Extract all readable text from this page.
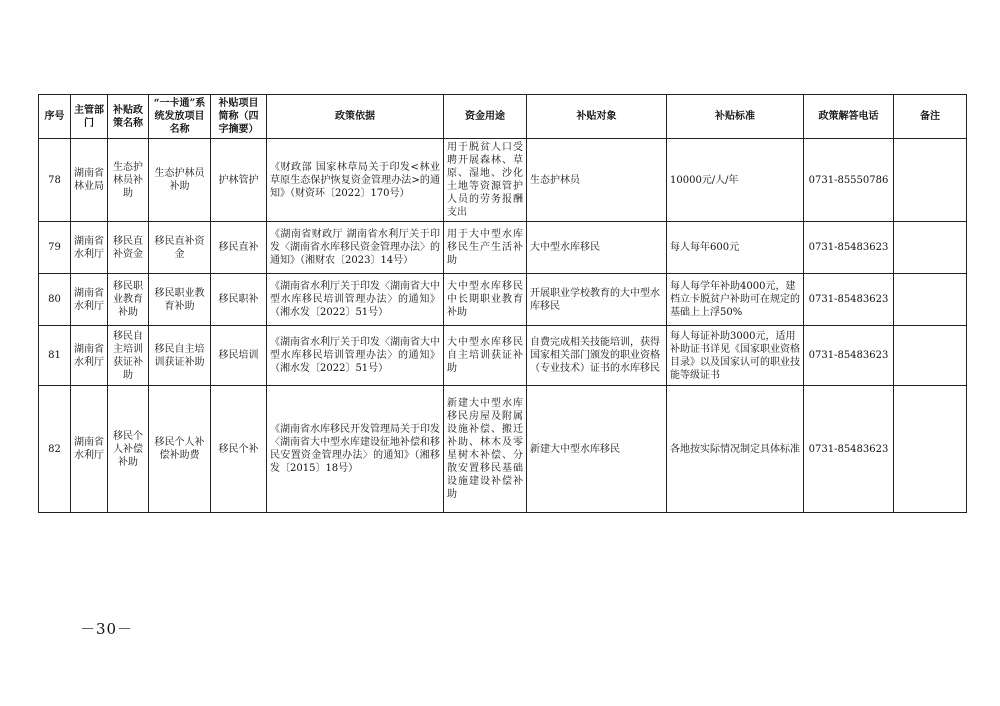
序号	主管部门	补贴政策名称	“一卡通”系统发放项目名称	补贴项目简称（四字摘要）	政策依据	资金用途	补贴对象	补贴标准	政策解答电话	备注
78	湖南省林业局	生态护林员补助	生态护林员补助	护林管护	《财政部 国家林草局关于印发<林业草原生态保护恢复资金管理办法>的通知》（财资环〔2022〕170号）	用于脱贫人口受聘开展森林、草原、湿地、沙化土地等资源管护人员的劳务报酬支出	生态护林员	10000元/人/年	0731-85550786	
79	湖南省水利厅	移民直补资金	移民直补资金	移民直补	《湖南省财政厅 湖南省水利厅关于印发〈湖南省水库移民资金管理办法〉的通知》（湘财农〔2023〕14号）	用于大中型水库移民生产生活补助	大中型水库移民	每人每年600元	0731-85483623	
80	湖南省水利厅	移民职业教育补助	移民职业教育补助	移民职补	《湖南省水利厅关于印发〈湖南省大中型水库移民培训管理办法〉的通知》（湘水发〔2022〕51号）	大中型水库移民中长期职业教育补助	开展职业学校教育的大中型水库移民	每人每学年补助4000元，建档立卡脱贫户补助可在规定的基础上上浮50%	0731-85483623	
81	湖南省水利厅	移民自主培训获证补助	移民自主培训获证补助	移民培训	《湖南省水利厅关于印发〈湖南省大中型水库移民培训管理办法〉的通知》（湘水发〔2022〕51号）	大中型水库移民自主培训获证补助	自费完成相关技能培训，获得国家相关部门颁发的职业资格（专业技术）证书的水库移民	每人每证补助3000元，适用补助证书详见《国家职业资格目录》以及国家认可的职业技能等级证书	0731-85483623	
82	湖南省水利厅	移民个人补偿补助	移民个人补偿补助费	移民个补	《湖南省水库移民开发管理局关于印发〈湖南省大中型水库建设征地补偿和移民安置资金管理办法〉的通知》（湘移发〔2015〕18号）	新建大中型水库移民房屋及附属设施补偿、搬迁补助、林木及零星树木补偿、分散安置移民基础设施建设补偿补助	新建大中型水库移民	各地按实际情况制定具体标准	0731-85483623	
－30－
